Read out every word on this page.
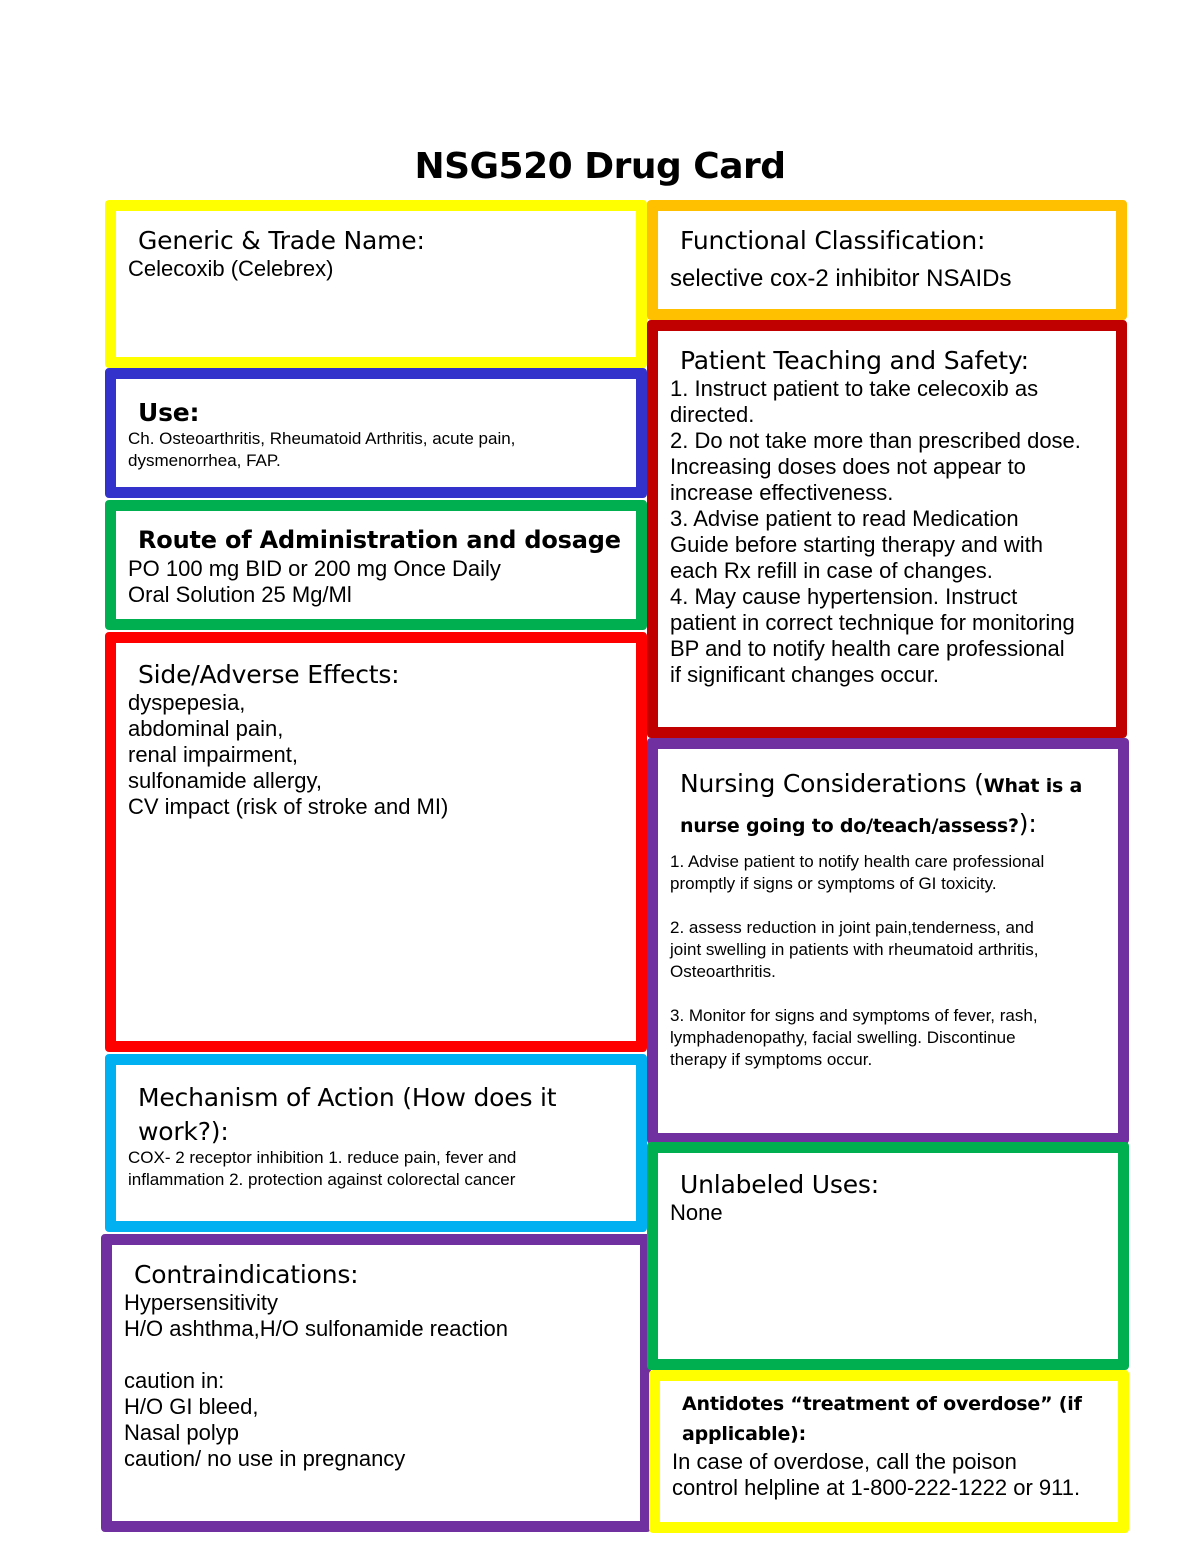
NSG520 Drug Card
Generic & Trade Name:
Celecoxib (Celebrex)
Use:
Ch. Osteoarthritis, Rheumatoid Arthritis, acute pain,
dysmenorrhea, FAP.
Route of Administration and dosage
PO 100 mg BID or 200 mg Once Daily
Oral Solution 25 Mg/Ml
Side/Adverse Effects:
dyspepesia,
abdominal pain,
renal impairment,
sulfonamide allergy,
CV impact (risk of stroke and MI)
Mechanism of Action (How does it
work?):
COX- 2 receptor inhibition 1. reduce pain, fever and
inflammation 2. protection against colorectal cancer
Contraindications:
Hypersensitivity
H/O ashthma,H/O sulfonamide reaction
caution in:
H/O GI bleed,
Nasal polyp
caution/ no use in pregnancy
Functional Classification:
selective cox-2 inhibitor NSAIDs
Patient Teaching and Safety:
1. Instruct patient to take celecoxib as
directed.
2. Do not take more than prescribed dose.
Increasing doses does not appear to
increase effectiveness.
3. Advise patient to read Medication
Guide before starting therapy and with
each Rx refill in case of changes.
4. May cause hypertension. Instruct
patient in correct technique for monitoring
BP and to notify health care professional
if significant changes occur.
Nursing Considerations (What is a
nurse going to do/teach/assess?):
1. Advise patient to notify health care professional
promptly if signs or symptoms of GI toxicity.
2. assess reduction in joint pain,tenderness, and
joint swelling in patients with rheumatoid arthritis,
Osteoarthritis.
3. Monitor for signs and symptoms of fever, rash,
lymphadenopathy, facial swelling. Discontinue
therapy if symptoms occur.
Unlabeled Uses:
None
Antidotes “treatment of overdose” (if
applicable):
In case of overdose, call the poison
control helpline at 1-800-222-1222 or 911.
